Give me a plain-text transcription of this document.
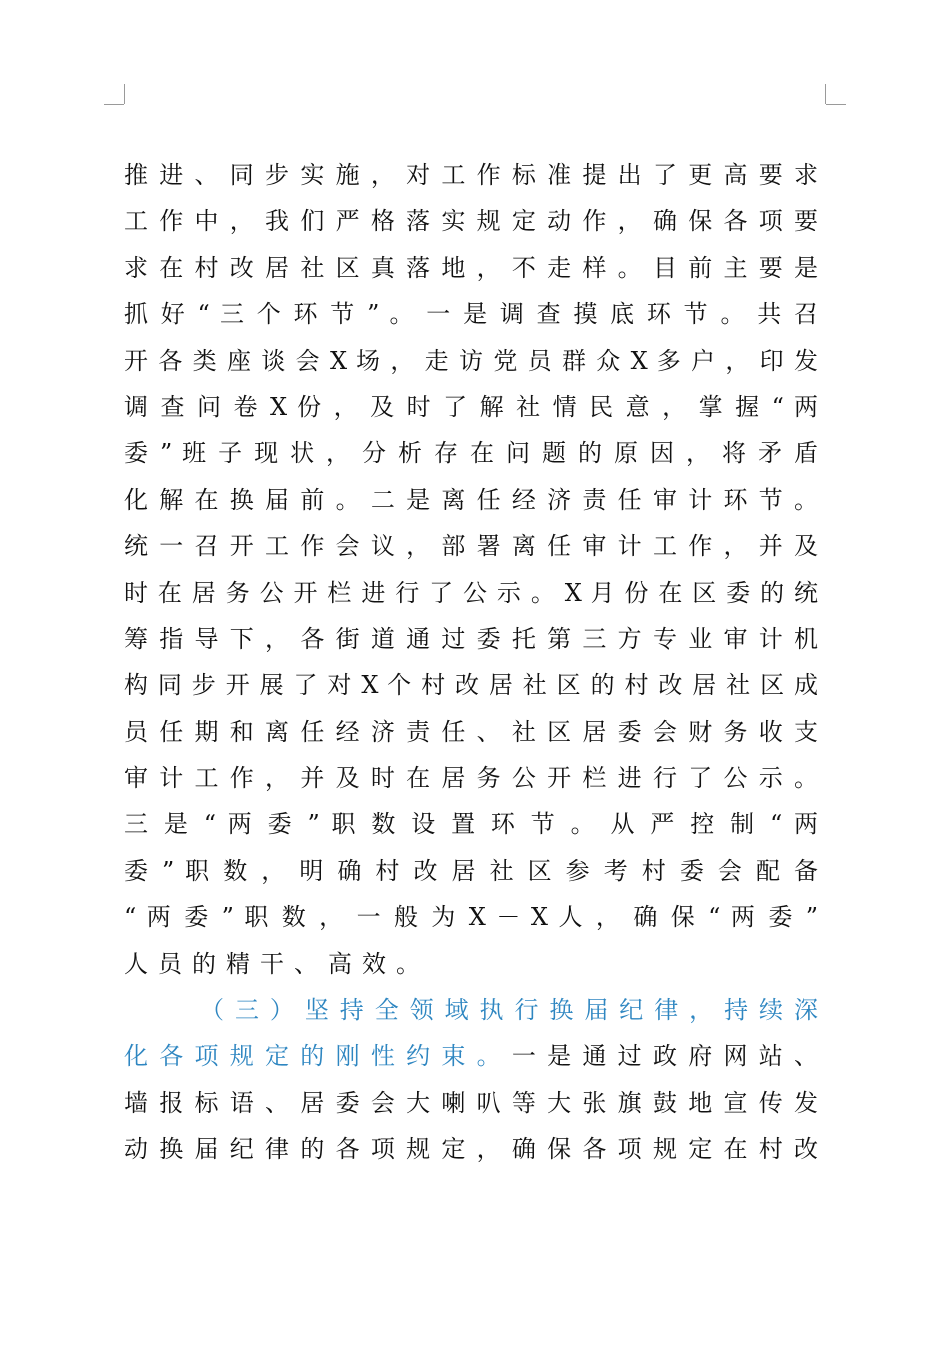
推 进 、 同 步 实 施 ， 对 工 作 标 准 提 出 了 更 高 要 求
工 作 中 ， 我 们 严 格 落 实 规 定 动 作 ， 确 保 各 项 要
求 在 村 改 居 社 区 真 落 地 ， 不 走 样 。 目 前 主 要 是
抓 好 “ 三 个 环 节 ” 。 一 是 调 查 摸 底 环 节 。 共 召
开 各 类 座 谈 会 X 场 ， 走 访 党 员 群 众 X 多 户 ， 印 发
调 查 问 卷 X 份 ， 及 时 了 解 社 情 民 意 ， 掌 握 “ 两
委 ” 班 子 现 状 ， 分 析 存 在 问 题 的 原 因 ， 将 矛 盾
化 解 在 换 届 前 。 二 是 离 任 经 济 责 任 审 计 环 节 。
统 一 召 开 工 作 会 议 ， 部 署 离 任 审 计 工 作 ， 并 及
时 在 居 务 公 开 栏 进 行 了 公 示 。 X 月 份 在 区 委 的 统
筹 指 导 下 ， 各 街 道 通 过 委 托 第 三 方 专 业 审 计 机
构 同 步 开 展 了 对 X 个 村 改 居 社 区 的 村 改 居 社 区 成
员 任 期 和 离 任 经 济 责 任 、 社 区 居 委 会 财 务 收 支
审 计 工 作 ， 并 及 时 在 居 务 公 开 栏 进 行 了 公 示 。
三 是 “ 两 委 ” 职 数 设 置 环 节 。 从 严 控 制 “ 两
委 ” 职 数 ， 明 确 村 改 居 社 区 参 考 村 委 会 配 备
“ 两 委 ” 职 数 ， 一 般 为 X － X 人 ， 确 保 “ 两 委 ”
人员的精干、高效。
（ 三 ） 坚 持 全 领 域 执 行 换 届 纪 律 ， 持 续 深
化 各 项 规 定 的 刚 性 约 束 。 一 是 通 过 政 府 网 站 、
墙 报 标 语 、 居 委 会 大 喇 叭 等 大 张 旗 鼓 地 宣 传 发
动 换 届 纪 律 的 各 项 规 定 ， 确 保 各 项 规 定 在 村 改
